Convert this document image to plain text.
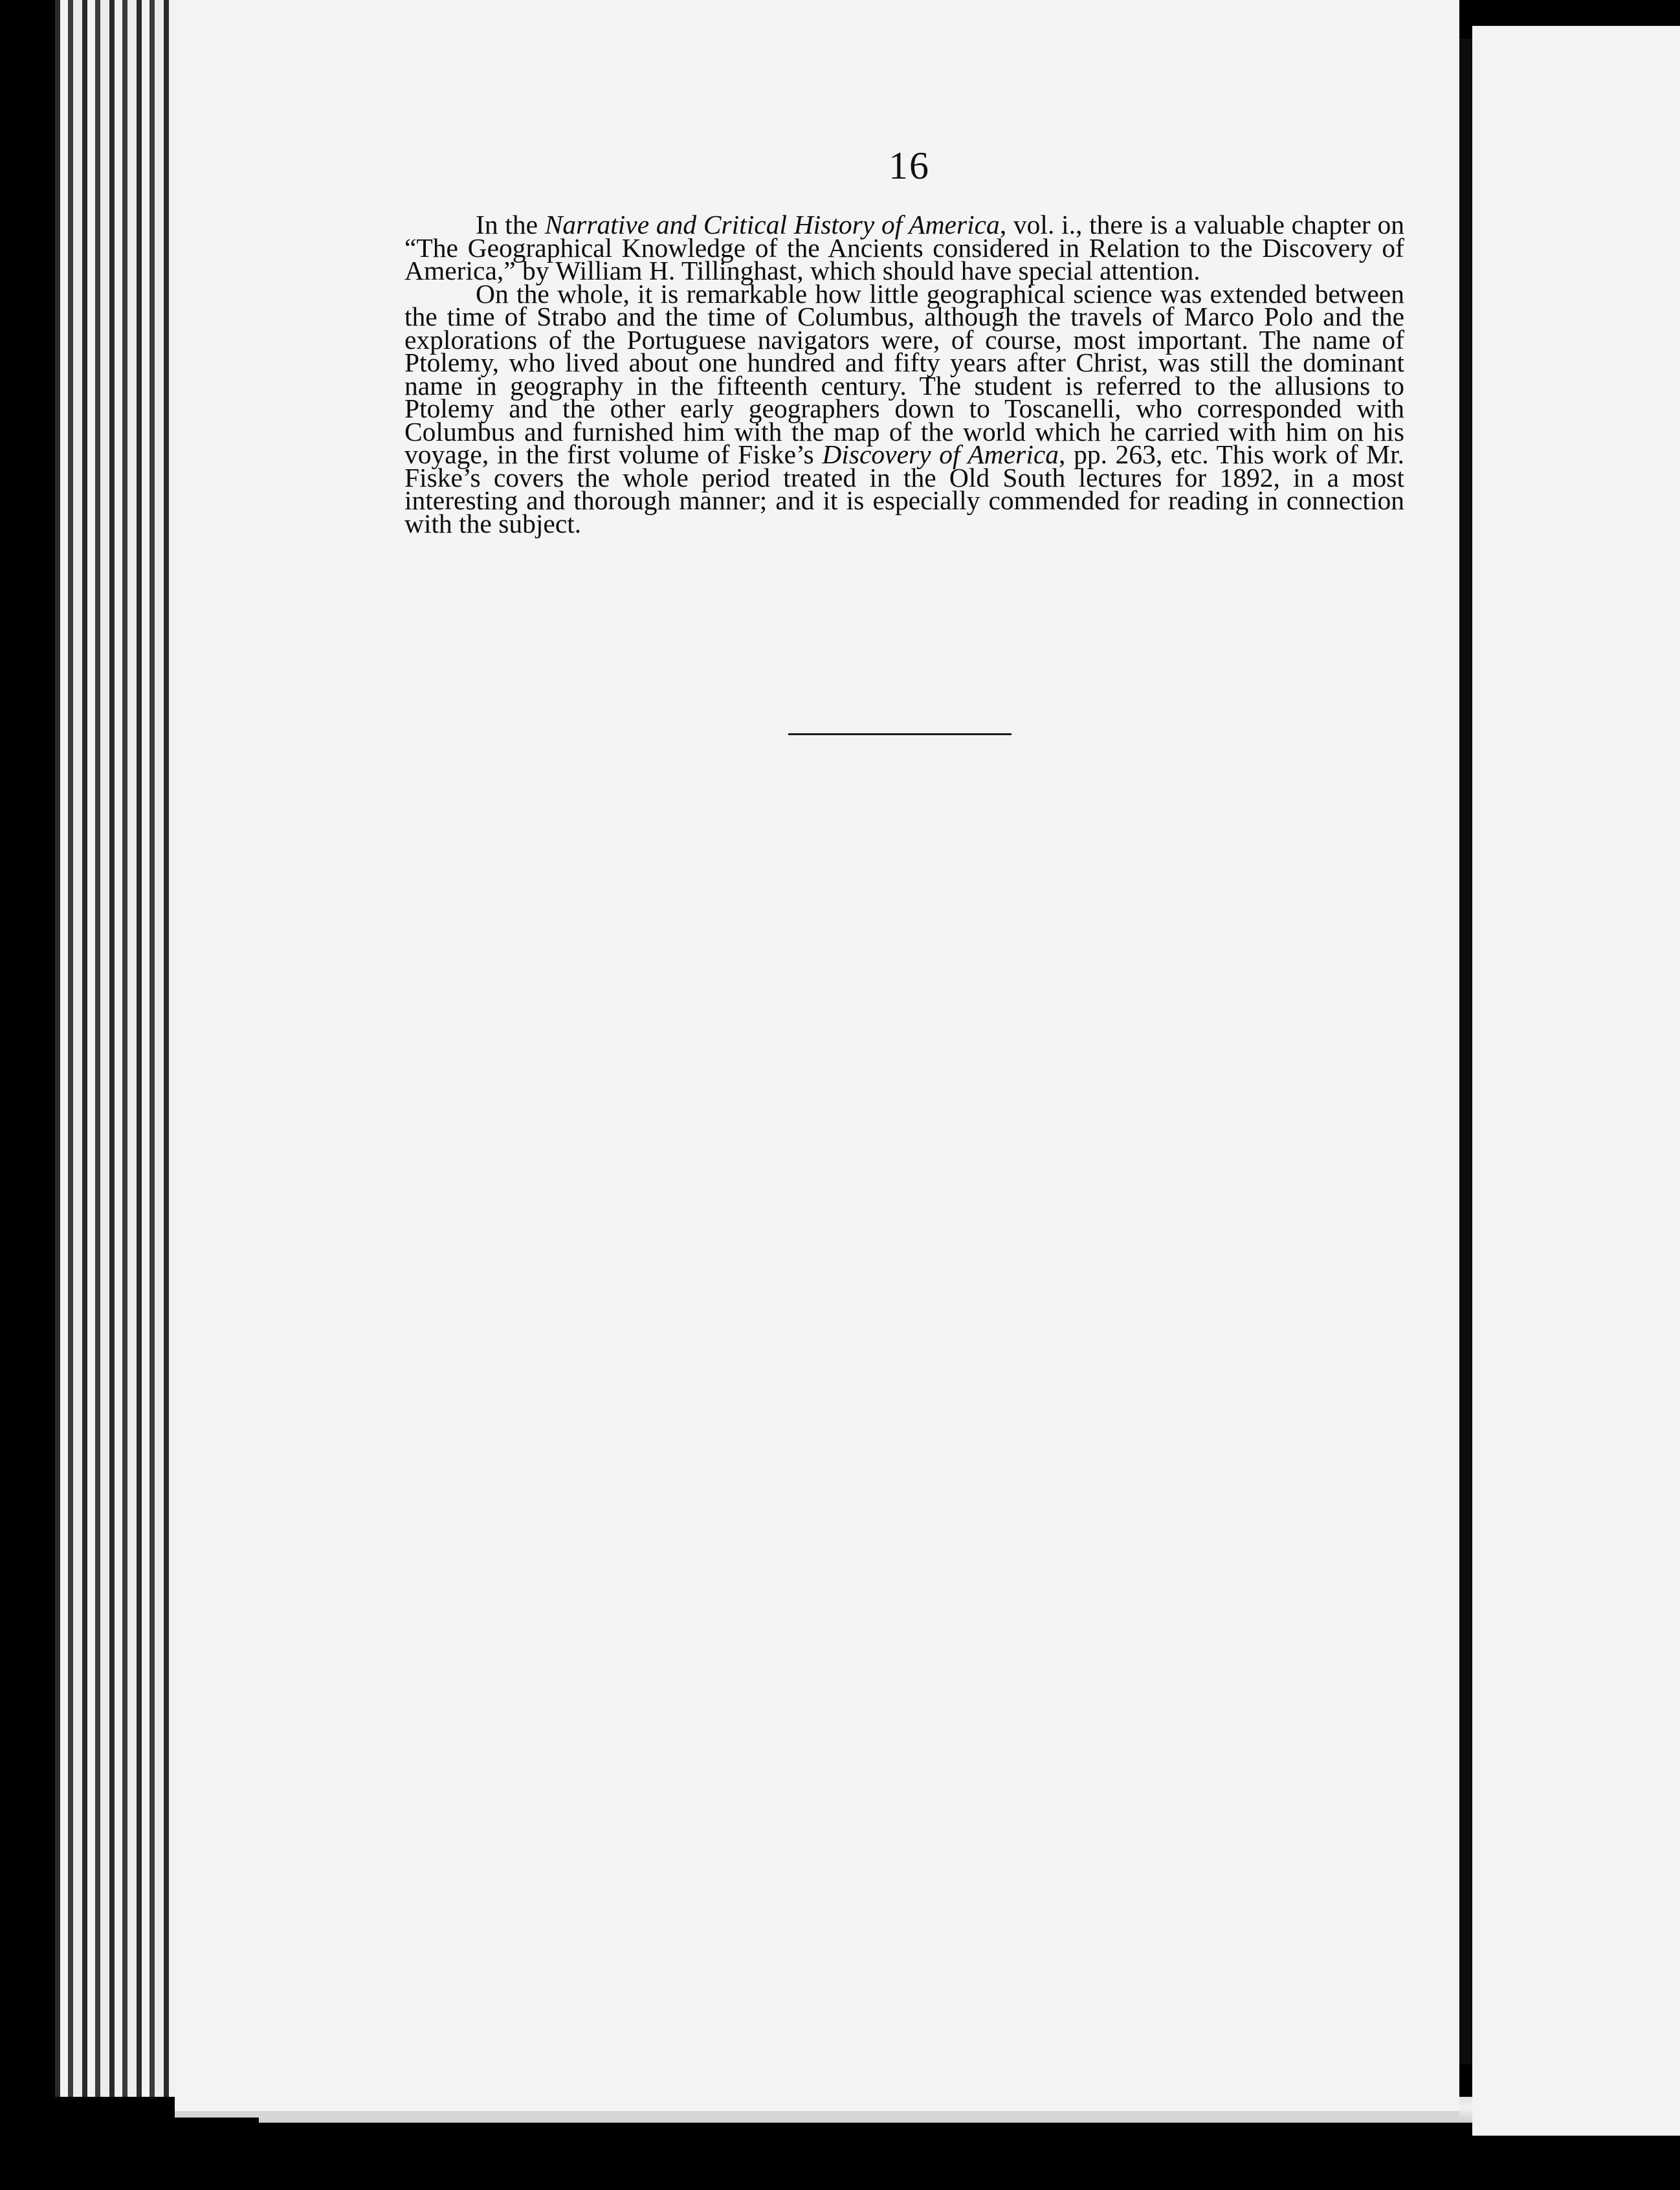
16

In the Narrative and Critical History of America, vol. i., there is a valuable chapter on “The Geographical Knowledge of the Ancients considered in Relation to the Discovery of America,” by William H. Tillinghast, which should have special attention.

On the whole, it is remarkable how little geographical science was extended between the time of Strabo and the time of Columbus, although the travels of Marco Polo and the explorations of the Portuguese navigators were, of course, most important. The name of Ptolemy, who lived about one hundred and fifty years after Christ, was still the dominant name in geography in the fifteenth century. The student is referred to the allusions to Ptolemy and the other early geographers down to Toscanelli, who corresponded with Columbus and furnished him with the map of the world which he carried with him on his voyage, in the first volume of Fiske’s Discovery of America, pp. 263, etc. This work of Mr. Fiske’s covers the whole period treated in the Old South lectures for 1892, in a most interesting and thorough manner; and it is especially commended for reading in connection with the subject.
